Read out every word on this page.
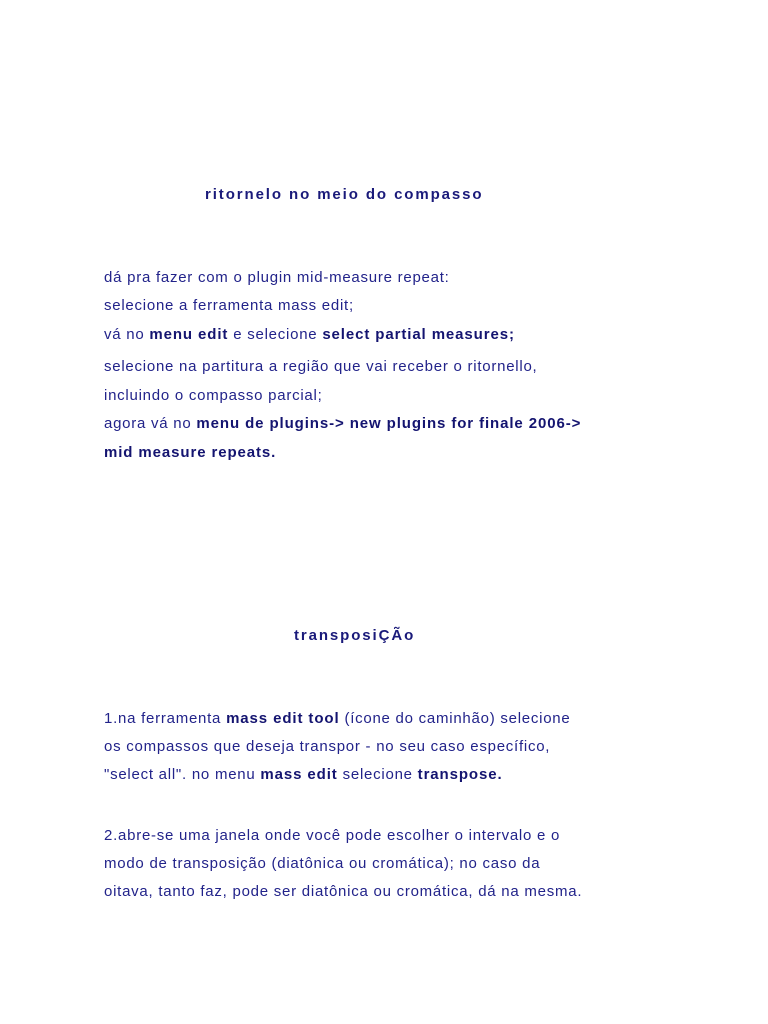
ritornelo no meio do compasso

dá pra fazer com o plugin mid-measure repeat:

selecione a ferramenta mass edit;

vá no menu edit e selecione select partial measures;

selecione na partitura a região que vai receber o ritornello,

incluindo o compasso parcial;

agora vá no menu de plugins-> new plugins for finale 2006->

mid measure repeats.

transposiÇÃo

1.na ferramenta mass edit tool (ícone do caminhão) selecione

os compassos que deseja transpor - no seu caso específico,

"select all". no menu mass edit selecione transpose.

2.abre-se uma janela onde você pode escolher o intervalo e o

modo de transposição (diatônica ou cromática); no caso da

oitava, tanto faz, pode ser diatônica ou cromática, dá na mesma.
